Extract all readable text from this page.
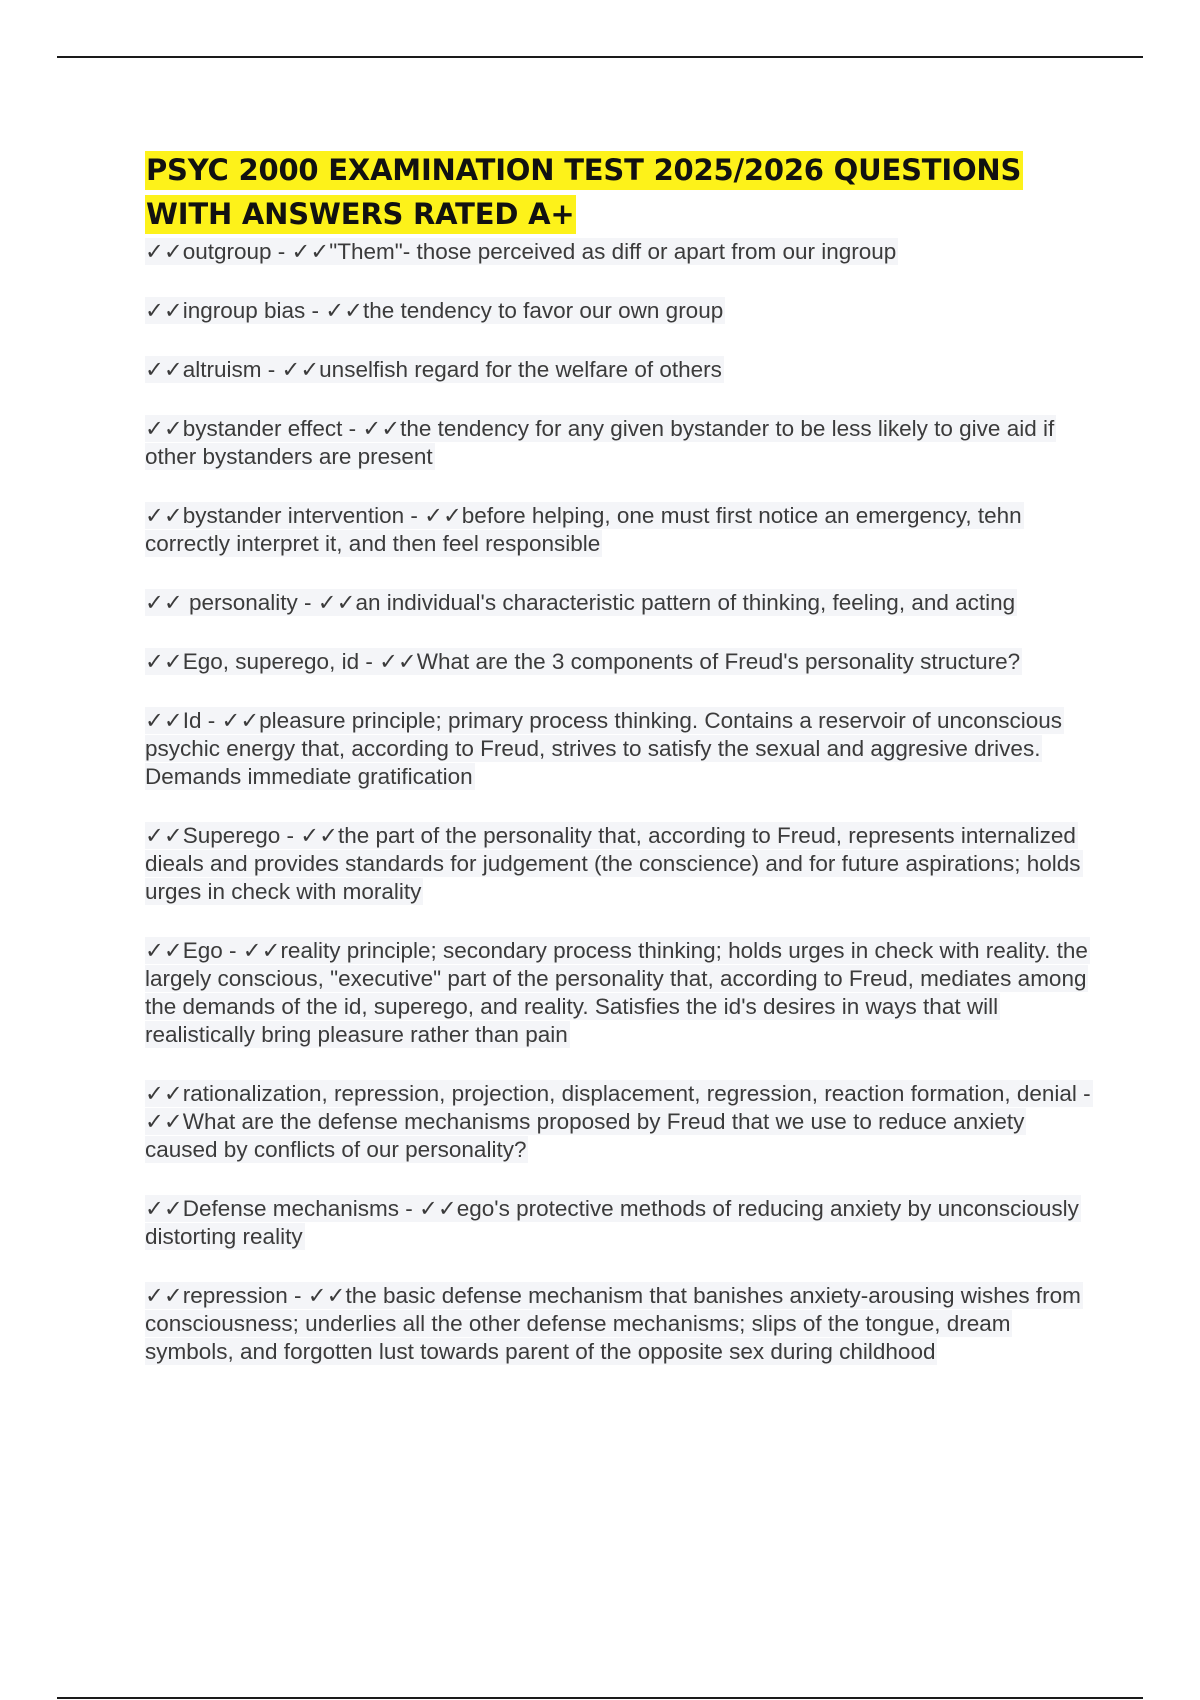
PSYC 2000 EXAMINATION TEST 2025/2026 QUESTIONS WITH ANSWERS RATED A+

✓✓outgroup - ✓✓"Them"- those perceived as diff or apart from our ingroup

✓✓ingroup bias - ✓✓the tendency to favor our own group

✓✓altruism - ✓✓unselfish regard for the welfare of others

✓✓bystander effect - ✓✓the tendency for any given bystander to be less likely to give aid if other bystanders are present

✓✓bystander intervention - ✓✓before helping, one must first notice an emergency, tehn correctly interpret it, and then feel responsible

✓✓ personality - ✓✓an individual's characteristic pattern of thinking, feeling, and acting

✓✓Ego, superego, id - ✓✓What are the 3 components of Freud's personality structure?

✓✓Id - ✓✓pleasure principle; primary process thinking. Contains a reservoir of unconscious psychic energy that, according to Freud, strives to satisfy the sexual and aggresive drives. Demands immediate gratification

✓✓Superego - ✓✓the part of the personality that, according to Freud, represents internalized dieals and provides standards for judgement (the conscience) and for future aspirations; holds urges in check with morality

✓✓Ego - ✓✓reality principle; secondary process thinking; holds urges in check with reality. the largely conscious, "executive" part of the personality that, according to Freud, mediates among the demands of the id, superego, and reality. Satisfies the id's desires in ways that will realistically bring pleasure rather than pain

✓✓rationalization, repression, projection, displacement, regression, reaction formation, denial - ✓✓What are the defense mechanisms proposed by Freud that we use to reduce anxiety caused by conflicts of our personality?

✓✓Defense mechanisms - ✓✓ego's protective methods of reducing anxiety by unconsciously distorting reality

✓✓repression - ✓✓the basic defense mechanism that banishes anxiety-arousing wishes from consciousness; underlies all the other defense mechanisms; slips of the tongue, dream symbols, and forgotten lust towards parent of the opposite sex during childhood
